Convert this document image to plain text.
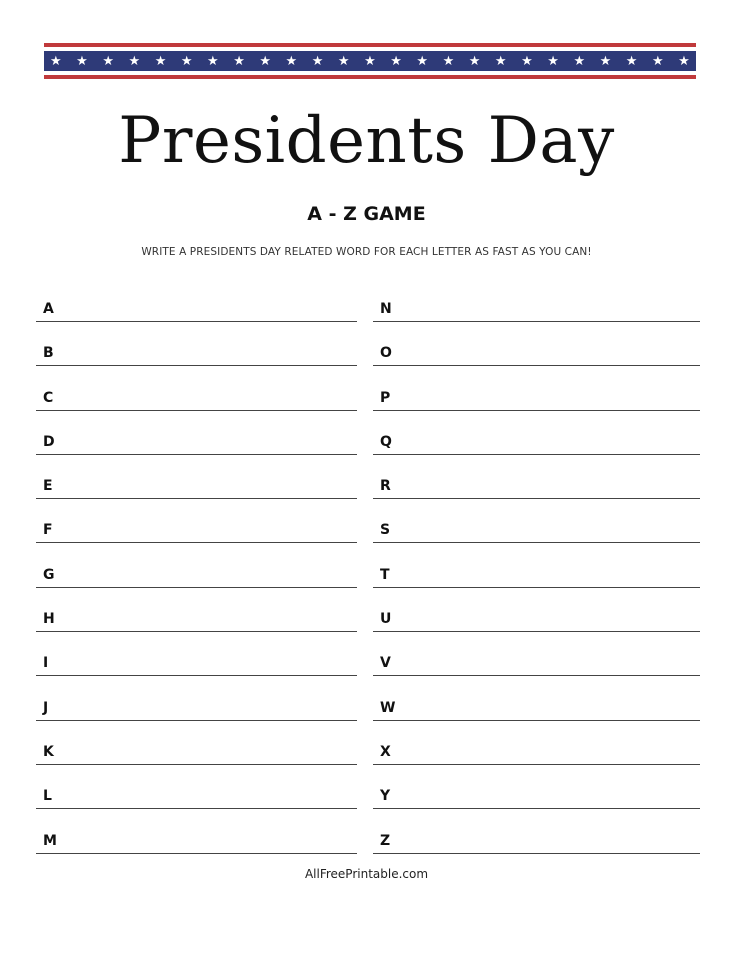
★ ★ ★ ★ ★ ★ ★ ★ ★ ★ ★ ★ ★ ★ ★ ★ ★ ★ ★ ★ ★ ★ ★ ★ ★
Presidents Day
A - Z GAME
WRITE A PRESIDENTS DAY RELATED WORD FOR EACH LETTER AS FAST AS YOU CAN!
A
B
C
D
E
F
G
H
I
J
K
L
M
N
O
P
Q
R
S
T
U
V
W
X
Y
Z
AllFreePrintable.com
